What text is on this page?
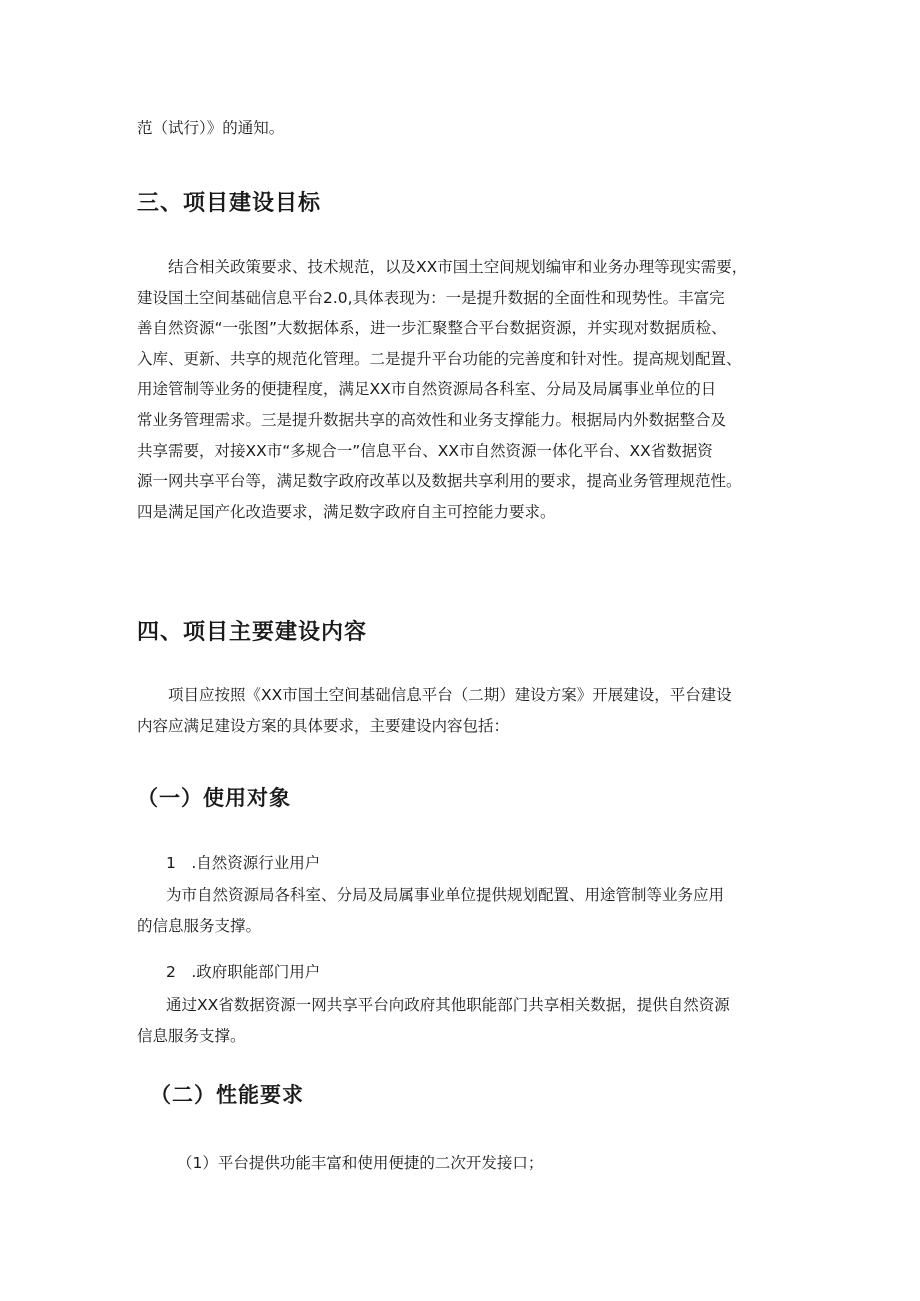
范（试行）》的通知。

三、项目建设目标
结合相关政策要求、技术规范，以及XX市国土空间规划编审和业务办理等现实需要，
建设国土空间基础信息平台2.0,具体表现为：一是提升数据的全面性和现势性。丰富完
善自然资源“一张图”大数据体系，进一步汇聚整合平台数据资源，并实现对数据质检、
入库、更新、共享的规范化管理。二是提升平台功能的完善度和针对性。提高规划配置、
用途管制等业务的便捷程度，满足XX市自然资源局各科室、分局及局属事业单位的日
常业务管理需求。三是提升数据共享的高效性和业务支撑能力。根据局内外数据整合及
共享需要，对接XX市“多规合一”信息平台、XX市自然资源一体化平台、XX省数据资
源一网共享平台等，满足数字政府改革以及数据共享利用的要求，提高业务管理规范性。
四是满足国产化改造要求，满足数字政府自主可控能力要求。
四、项目主要建设内容
项目应按照《XX市国土空间基础信息平台（二期）建设方案》开展建设，平台建设
内容应满足建设方案的具体要求，主要建设内容包括：
（一）使用对象
1　.自然资源行业用户
为市自然资源局各科室、分局及局属事业单位提供规划配置、用途管制等业务应用
的信息服务支撑。
2　.政府职能部门用户
通过XX省数据资源一网共享平台向政府其他职能部门共享相关数据，提供自然资源
信息服务支撑。
（二）性能要求
（1）平台提供功能丰富和使用便捷的二次开发接口；
